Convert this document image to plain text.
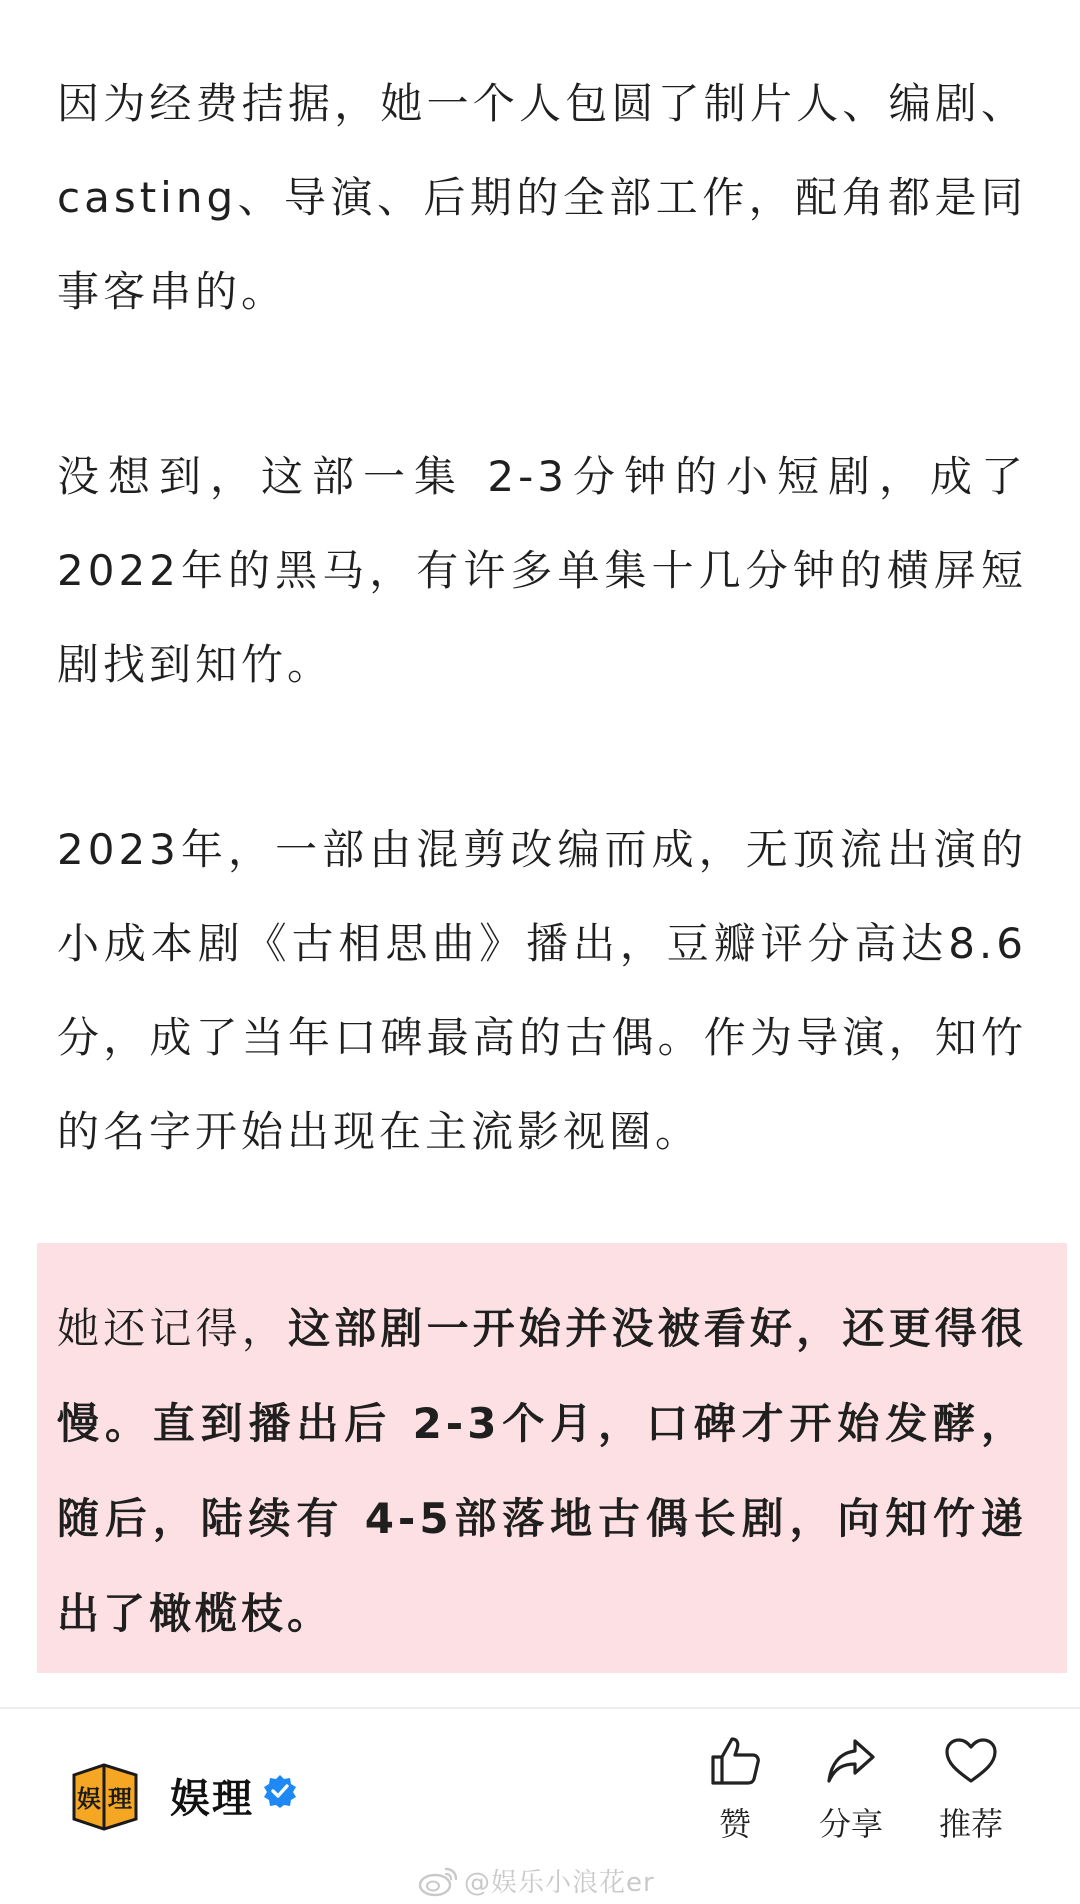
因为经费拮据，她一个人包圆了制片人、编剧、casting、导演、后期的全部工作，配角都是同事客串的。

没想到，这部一集 2-3分钟的小短剧，成了2022年的黑马，有许多单集十几分钟的横屏短剧找到知竹。

2023年，一部由混剪改编而成，无顶流出演的小成本剧《古相思曲》播出，豆瓣评分高达8.6分，成了当年口碑最高的古偶。作为导演，知竹的名字开始出现在主流影视圈。

她还记得，这部剧一开始并没被看好，还更得很慢。直到播出后 2-3个月，口碑才开始发酵，随后，陆续有 4-5部落地古偶长剧，向知竹递出了橄榄枝。

娱 理 娱理
赞	分享	推荐
@娱乐小浪花er
